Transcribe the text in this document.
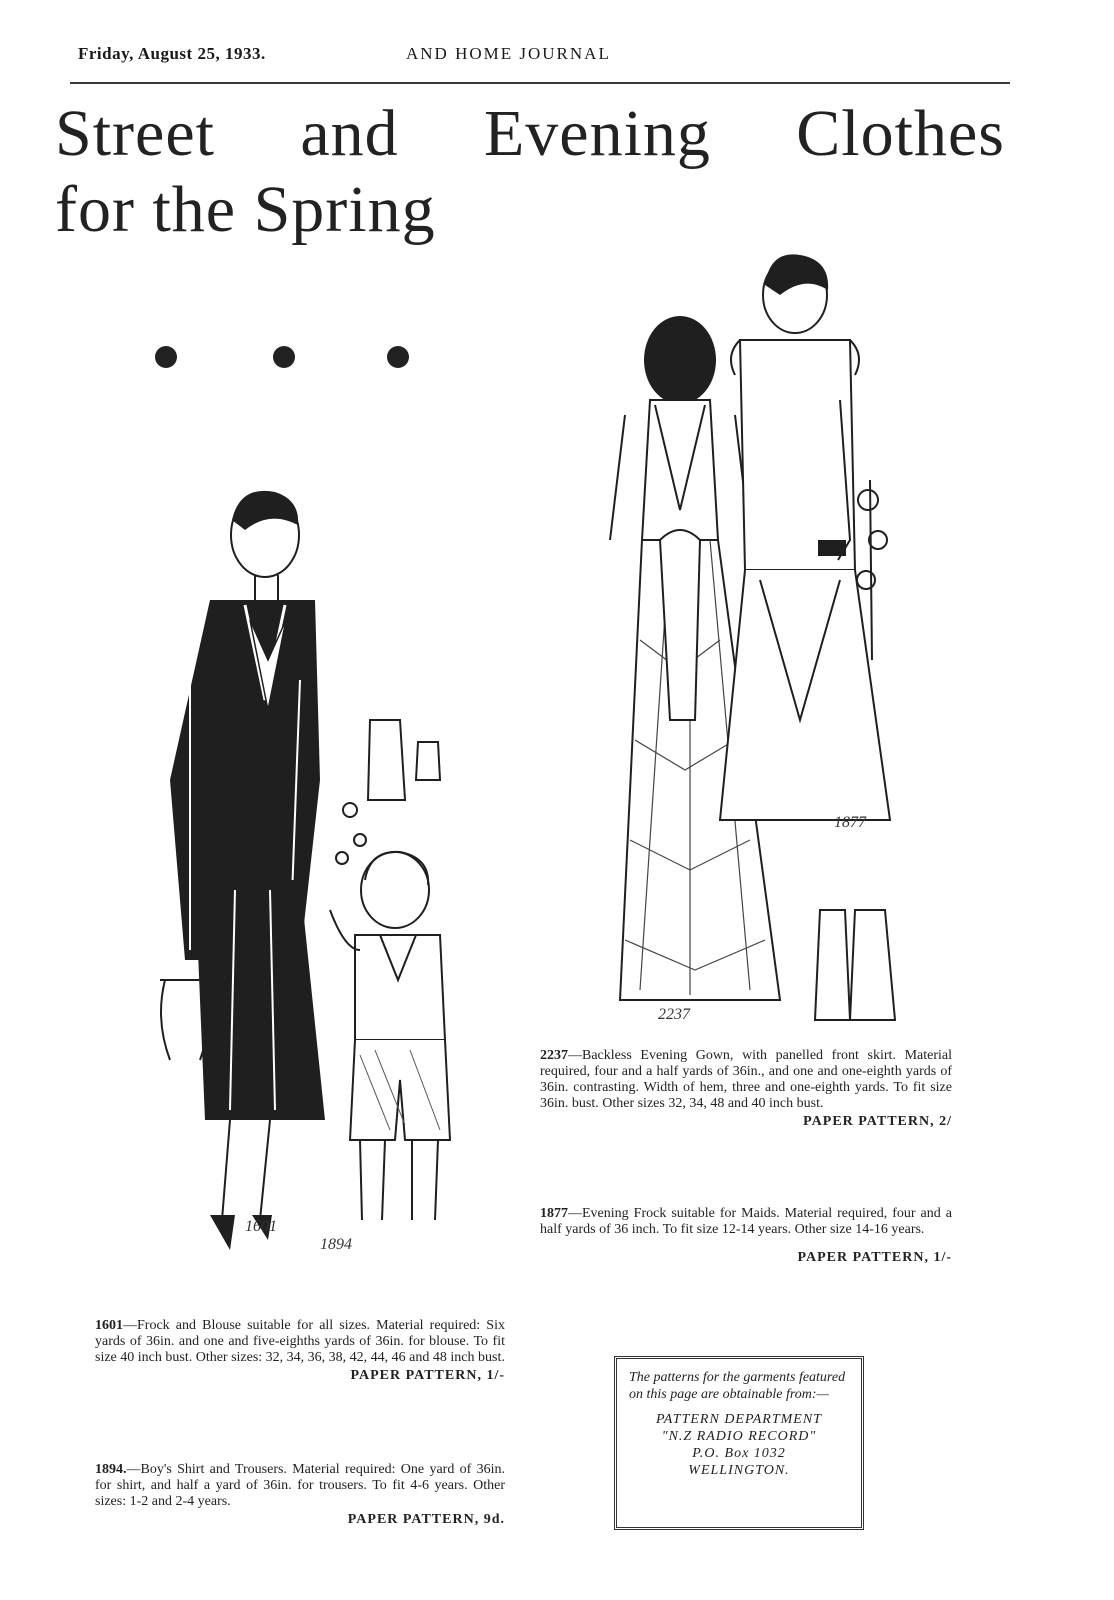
Friday, August 25, 1933.	AND HOME JOURNAL
Street and Evening Clothes
for the Spring
1601
1894
1877
2237
2237—Backless Evening Gown, with panelled front skirt. Material required, four and a half yards of 36in., and one and one-eighth yards of 36in. contrasting. Width of hem, three and one-eighth yards. To fit size 36in. bust. Other sizes 32, 34, 48 and 40 inch bust.
PAPER PATTERN, 2/
1877—Evening Frock suitable for Maids. Material required, four and a half yards of 36 inch. To fit size 12-14 years. Other size 14-16 years.
PAPER PATTERN, 1/-
1601—Frock and Blouse suitable for all sizes. Material required: Six yards of 36in. and one and five-eighths yards of 36in. for blouse. To fit size 40 inch bust. Other sizes: 32, 34, 36, 38, 42, 44, 46 and 48 inch bust.
PAPER PATTERN, 1/-
1894.—Boy's Shirt and Trousers. Material required: One yard of 36in. for shirt, and half a yard of 36in. for trousers. To fit 4-6 years. Other sizes: 1-2 and 2-4 years.
PAPER PATTERN, 9d.
The patterns for the garments featured on this page are obtainable from:—
PATTERN DEPARTMENT
"N.Z RADIO RECORD"
P.O. Box 1032
WELLINGTON.
